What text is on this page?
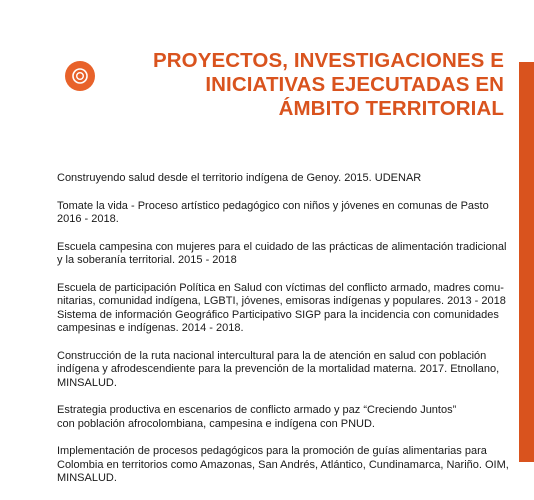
PROYECTOS, INVESTIGACIONES E
INICIATIVAS EJECUTADAS EN
ÁMBITO TERRITORIAL

Construyendo salud desde el territorio indígena de Genoy. 2015. UDENAR

Tomate la vida - Proceso artístico pedagógico con niños y jóvenes en comunas de Pasto
2016 - 2018.

Escuela campesina con mujeres para el cuidado de las prácticas de alimentación tradicional
y la soberanía territorial. 2015 - 2018

Escuela de participación Política en Salud con víctimas del conflicto armado, madres comu-
nitarias, comunidad indígena, LGBTI, jóvenes, emisoras indígenas y populares. 2013 - 2018
Sistema de información Geográfico Participativo SIGP para la incidencia con comunidades
campesinas e indígenas. 2014 - 2018.

Construcción de la ruta nacional intercultural para la de atención en salud con población
indígena y afrodescendiente para la prevención de la mortalidad materna. 2017. Etnollano,
MINSALUD.

Estrategia productiva en escenarios de conflicto armado y paz “Creciendo Juntos”
con población afrocolombiana, campesina e indígena con PNUD.

Implementación de procesos pedagógicos para la promoción de guías alimentarias para
Colombia en territorios como Amazonas, San Andrés, Atlántico, Cundinamarca, Nariño. OIM,
MINSALUD.
